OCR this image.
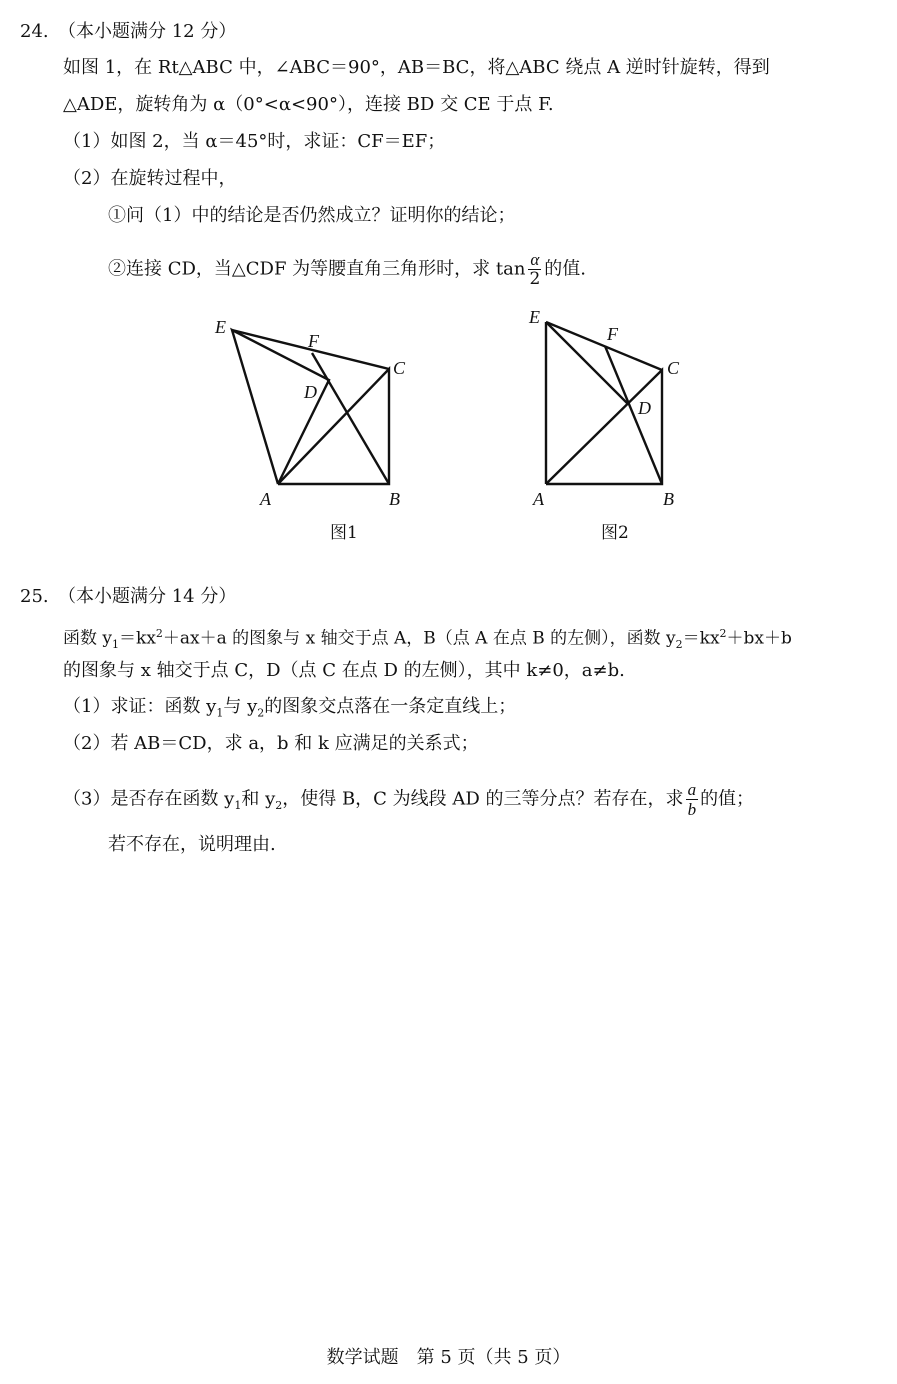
24. （本小题满分 12 分）
如图 1，在 Rt△ABC 中，∠ABC＝90°，AB＝BC，将△ABC 绕点 A 逆时针旋转，得到
△ADE，旋转角为 α（0°<α<90°），连接 BD 交 CE 于点 F.
（1）如图 2，当 α＝45°时，求证：CF＝EF；
（2）在旋转过程中，
①问（1）中的结论是否仍然成立？证明你的结论；
②连接 CD，当△CDF 为等腰直角三角形时，求 $\tan \frac{\alpha}{2}$ 的值.
E
F
D
C
A	B
E
F
D
C
A	B
图1	图2
25. （本小题满分 14 分）
函数 $y_1=kx^2+ax+a$ 的图象与 x 轴交于点 A，B（点 A 在点 B 的左侧），函数 $y_2=kx^2+bx+b$
的图象与 x 轴交于点 C，D（点 C 在点 D 的左侧），其中 k≠0，a≠b.
（1）求证：函数 $y_1$与 $y_2$的图象交点落在一条定直线上；
（2）若 AB＝CD，求 a，b 和 k 应满足的关系式；
（3）是否存在函数 $y_1$和 $y_2$，使得 B，C 为线段 AD 的三等分点？若存在，求 $\frac{a}{b}$ 的值；
若不存在，说明理由.
数学试题　第 5 页（共 5 页）
